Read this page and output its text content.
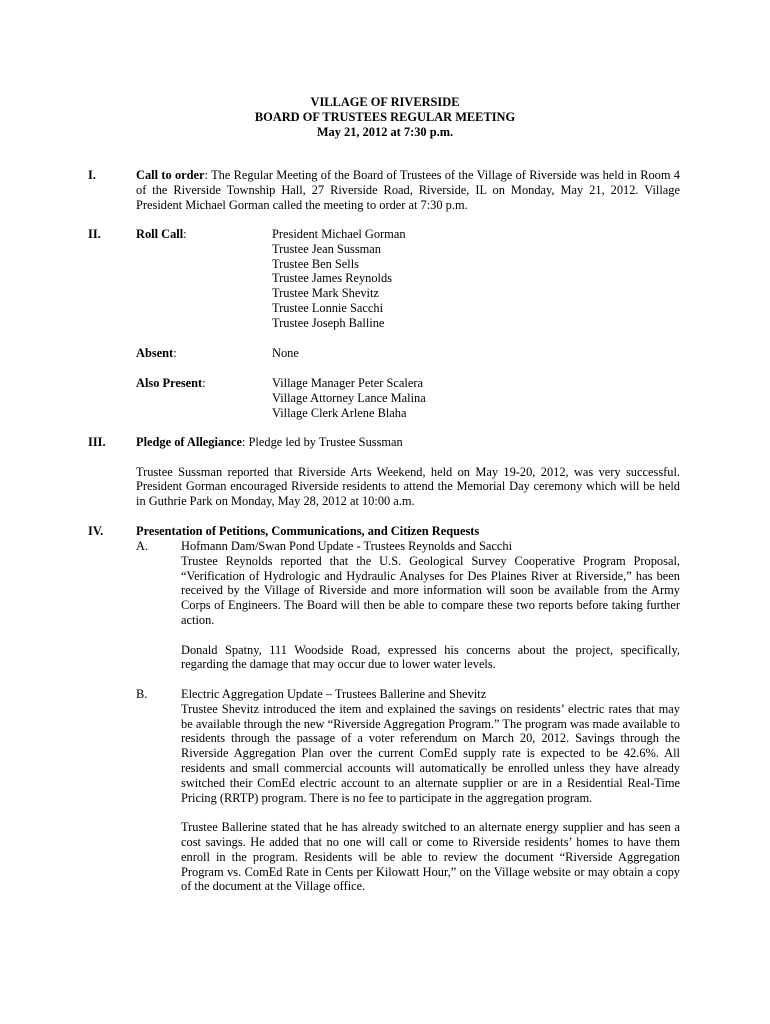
VILLAGE OF RIVERSIDE
BOARD OF TRUSTEES REGULAR MEETING
May 21, 2012 at 7:30 p.m.
I.	Call to order: The Regular Meeting of the Board of Trustees of the Village of Riverside was held in Room 4 of the Riverside Township Hall, 27 Riverside Road, Riverside, IL on Monday, May 21, 2012. Village President Michael Gorman called the meeting to order at 7:30 p.m.

II.	Roll Call:	President Michael Gorman
Trustee Jean Sussman
Trustee Ben Sells
Trustee James Reynolds
Trustee Mark Shevitz
Trustee Lonnie Sacchi
Trustee Joseph Balline
Absent:	None
Also Present:	Village Manager Peter Scalera
Village Attorney Lance Malina
Village Clerk Arlene Blaha
III. Pledge of Allegiance: Pledge led by Trustee Sussman

Trustee Sussman reported that Riverside Arts Weekend, held on May 19-20, 2012, was very successful. President Gorman encouraged Riverside residents to attend the Memorial Day ceremony which will be held in Guthrie Park on Monday, May 28, 2012 at 10:00 a.m.

IV.	Presentation of Petitions, Communications, and Citizen Requests
A.	Hofmann Dam/Swan Pond Update - Trustees Reynolds and Sacchi

Trustee Reynolds reported that the U.S. Geological Survey Cooperative Program Proposal, “Verification of Hydrologic and Hydraulic Analyses for Des Plaines River at Riverside,” has been received by the Village of Riverside and more information will soon be available from the Army Corps of Engineers. The Board will then be able to compare these two reports before taking further action.

Donald Spatny, 111 Woodside Road, expressed his concerns about the project, specifically, regarding the damage that may occur due to lower water levels.

B.	Electric Aggregation Update – Trustees Ballerine and Shevitz

Trustee Shevitz introduced the item and explained the savings on residents’ electric rates that may be available through the new “Riverside Aggregation Program.” The program was made available to residents through the passage of a voter referendum on March 20, 2012. Savings through the Riverside Aggregation Plan over the current ComEd supply rate is expected to be 42.6%. All residents and small commercial accounts will automatically be enrolled unless they have already switched their ComEd electric account to an alternate supplier or are in a Residential Real-Time Pricing (RRTP) program. There is no fee to participate in the aggregation program.

Trustee Ballerine stated that he has already switched to an alternate energy supplier and has seen a cost savings. He added that no one will call or come to Riverside residents’ homes to have them enroll in the program. Residents will be able to review the document “Riverside Aggregation Program vs. ComEd Rate in Cents per Kilowatt Hour,” on the Village website or may obtain a copy of the document at the Village office.
